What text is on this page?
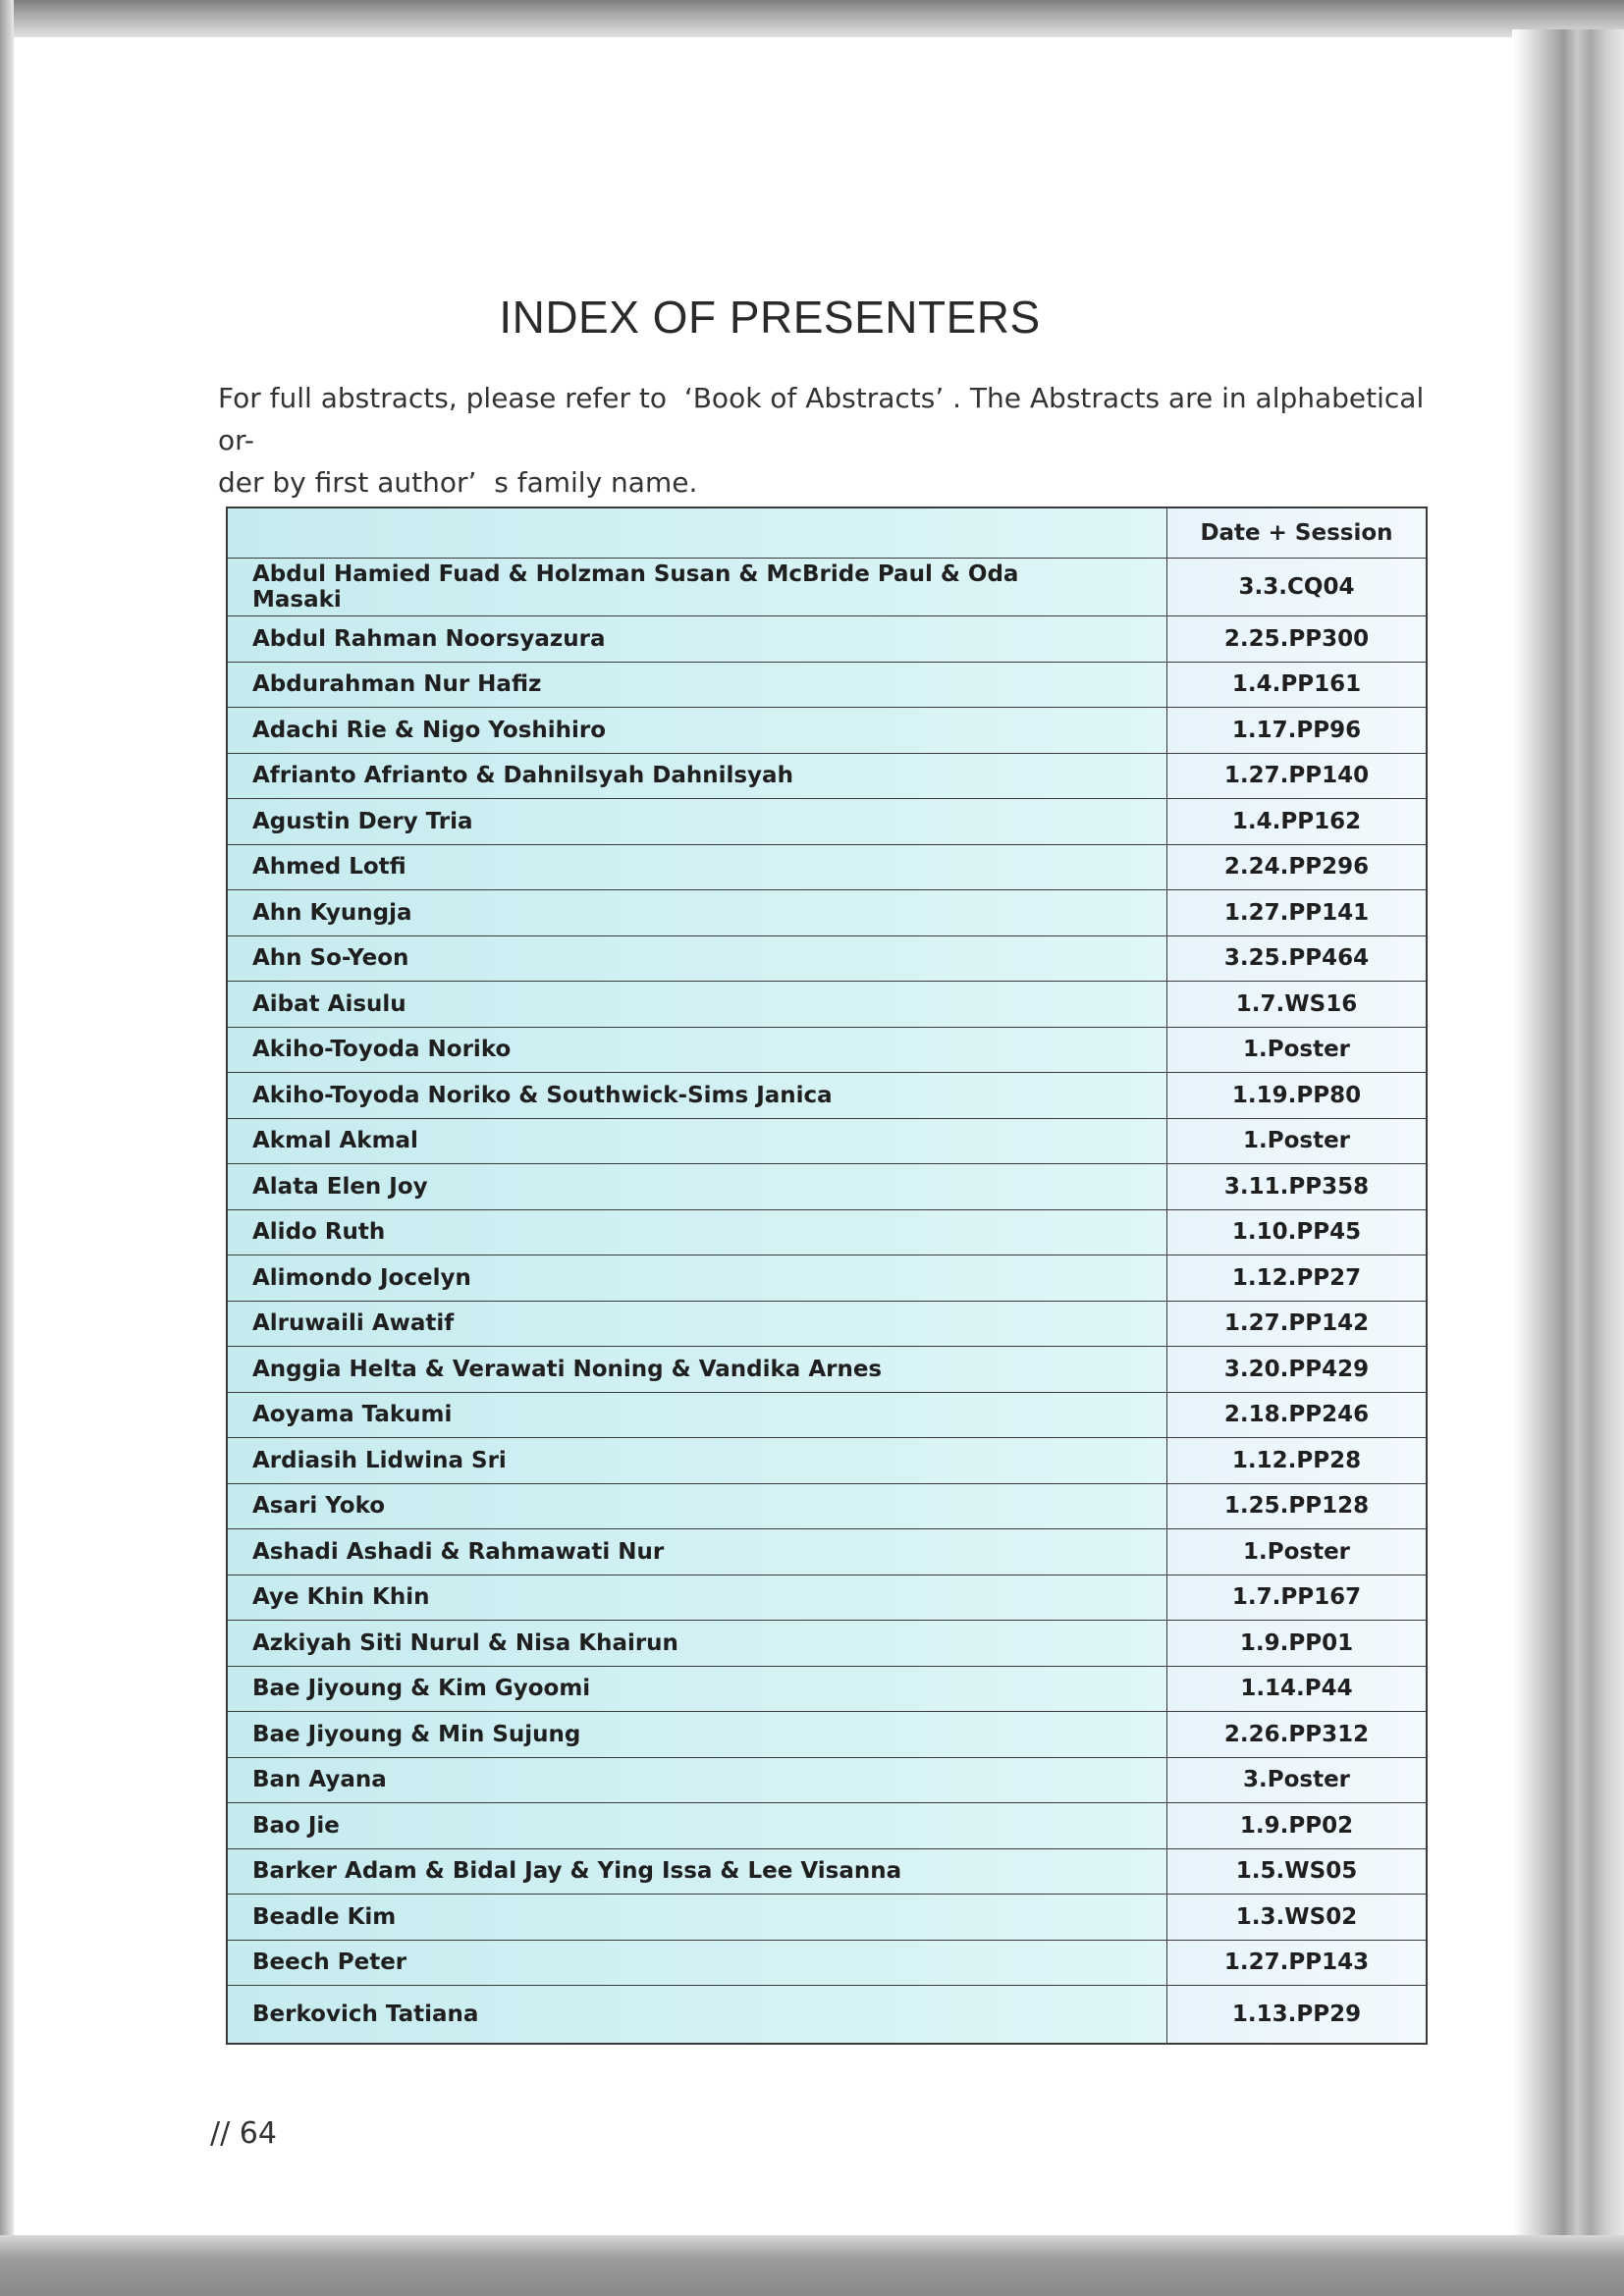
INDEX OF PRESENTERS
For full abstracts, please refer to  ‘Book of Abstracts’ . The Abstracts are in alphabetical or-
der by first author’  s family name.
	Date + Session
Abdul Hamied Fuad & Holzman Susan & McBride Paul & Oda Masaki	3.3.CQ04
Abdul Rahman Noorsyazura	2.25.PP300
Abdurahman Nur Hafiz	1.4.PP161
Adachi Rie & Nigo Yoshihiro	1.17.PP96
Afrianto Afrianto & Dahnilsyah Dahnilsyah	1.27.PP140
Agustin Dery Tria	1.4.PP162
Ahmed Lotfi	2.24.PP296
Ahn Kyungja	1.27.PP141
Ahn So-Yeon	3.25.PP464
Aibat Aisulu	1.7.WS16
Akiho-Toyoda Noriko	1.Poster
Akiho-Toyoda Noriko & Southwick-Sims Janica	1.19.PP80
Akmal Akmal	1.Poster
Alata Elen Joy	3.11.PP358
Alido Ruth	1.10.PP45
Alimondo Jocelyn	1.12.PP27
Alruwaili Awatif	1.27.PP142
Anggia Helta & Verawati Noning & Vandika Arnes	3.20.PP429
Aoyama Takumi	2.18.PP246
Ardiasih Lidwina Sri	1.12.PP28
Asari Yoko	1.25.PP128
Ashadi Ashadi & Rahmawati Nur	1.Poster
Aye Khin Khin	1.7.PP167
Azkiyah Siti Nurul & Nisa Khairun	1.9.PP01
Bae Jiyoung & Kim Gyoomi	1.14.P44
Bae Jiyoung & Min Sujung	2.26.PP312
Ban Ayana	3.Poster
Bao Jie	1.9.PP02
Barker Adam & Bidal Jay & Ying Issa & Lee Visanna	1.5.WS05
Beadle Kim	1.3.WS02
Beech Peter	1.27.PP143
Berkovich Tatiana	1.13.PP29
// 64
